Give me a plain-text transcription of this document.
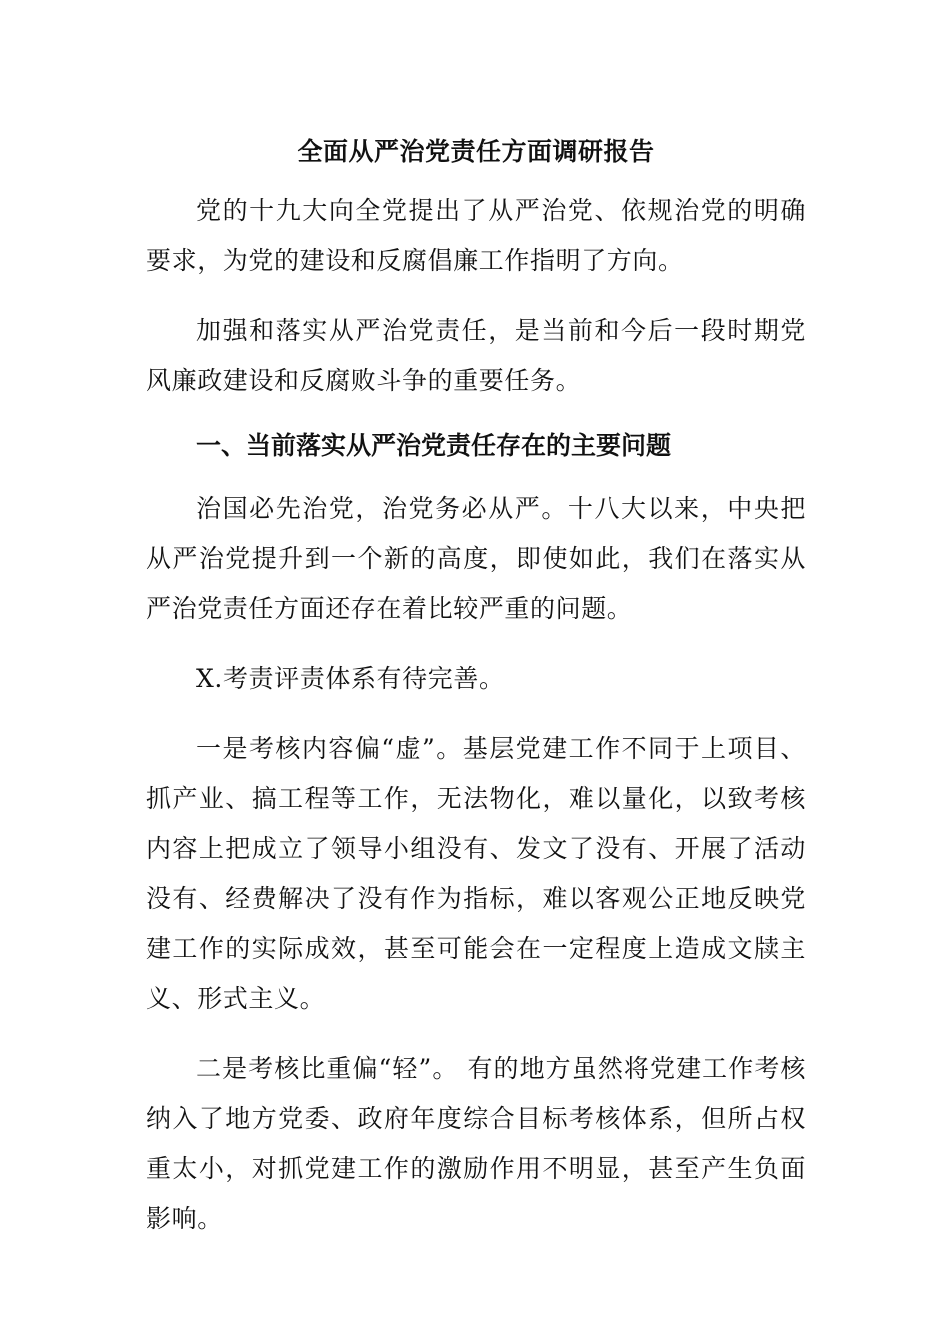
全面从严治党责任方面调研报告

党的十九大向全党提出了从严治党、依规治党的明确要求，为党的建设和反腐倡廉工作指明了方向。

加强和落实从严治党责任，是当前和今后一段时期党风廉政建设和反腐败斗争的重要任务。

一、当前落实从严治党责任存在的主要问题

治国必先治党，治党务必从严。十八大以来，中央把从严治党提升到一个新的高度，即使如此，我们在落实从严治党责任方面还存在着比较严重的问题。

X.考责评责体系有待完善。

一是考核内容偏“虚”。基层党建工作不同于上项目、抓产业、搞工程等工作，无法物化，难以量化，以致考核内容上把成立了领导小组没有、发文了没有、开展了活动没有、经费解决了没有作为指标，难以客观公正地反映党建工作的实际成效，甚至可能会在一定程度上造成文牍主义、形式主义。

二是考核比重偏“轻”。 有的地方虽然将党建工作考核纳入了地方党委、政府年度综合目标考核体系，但所占权重太小，对抓党建工作的激励作用不明显，甚至产生负面影响。
